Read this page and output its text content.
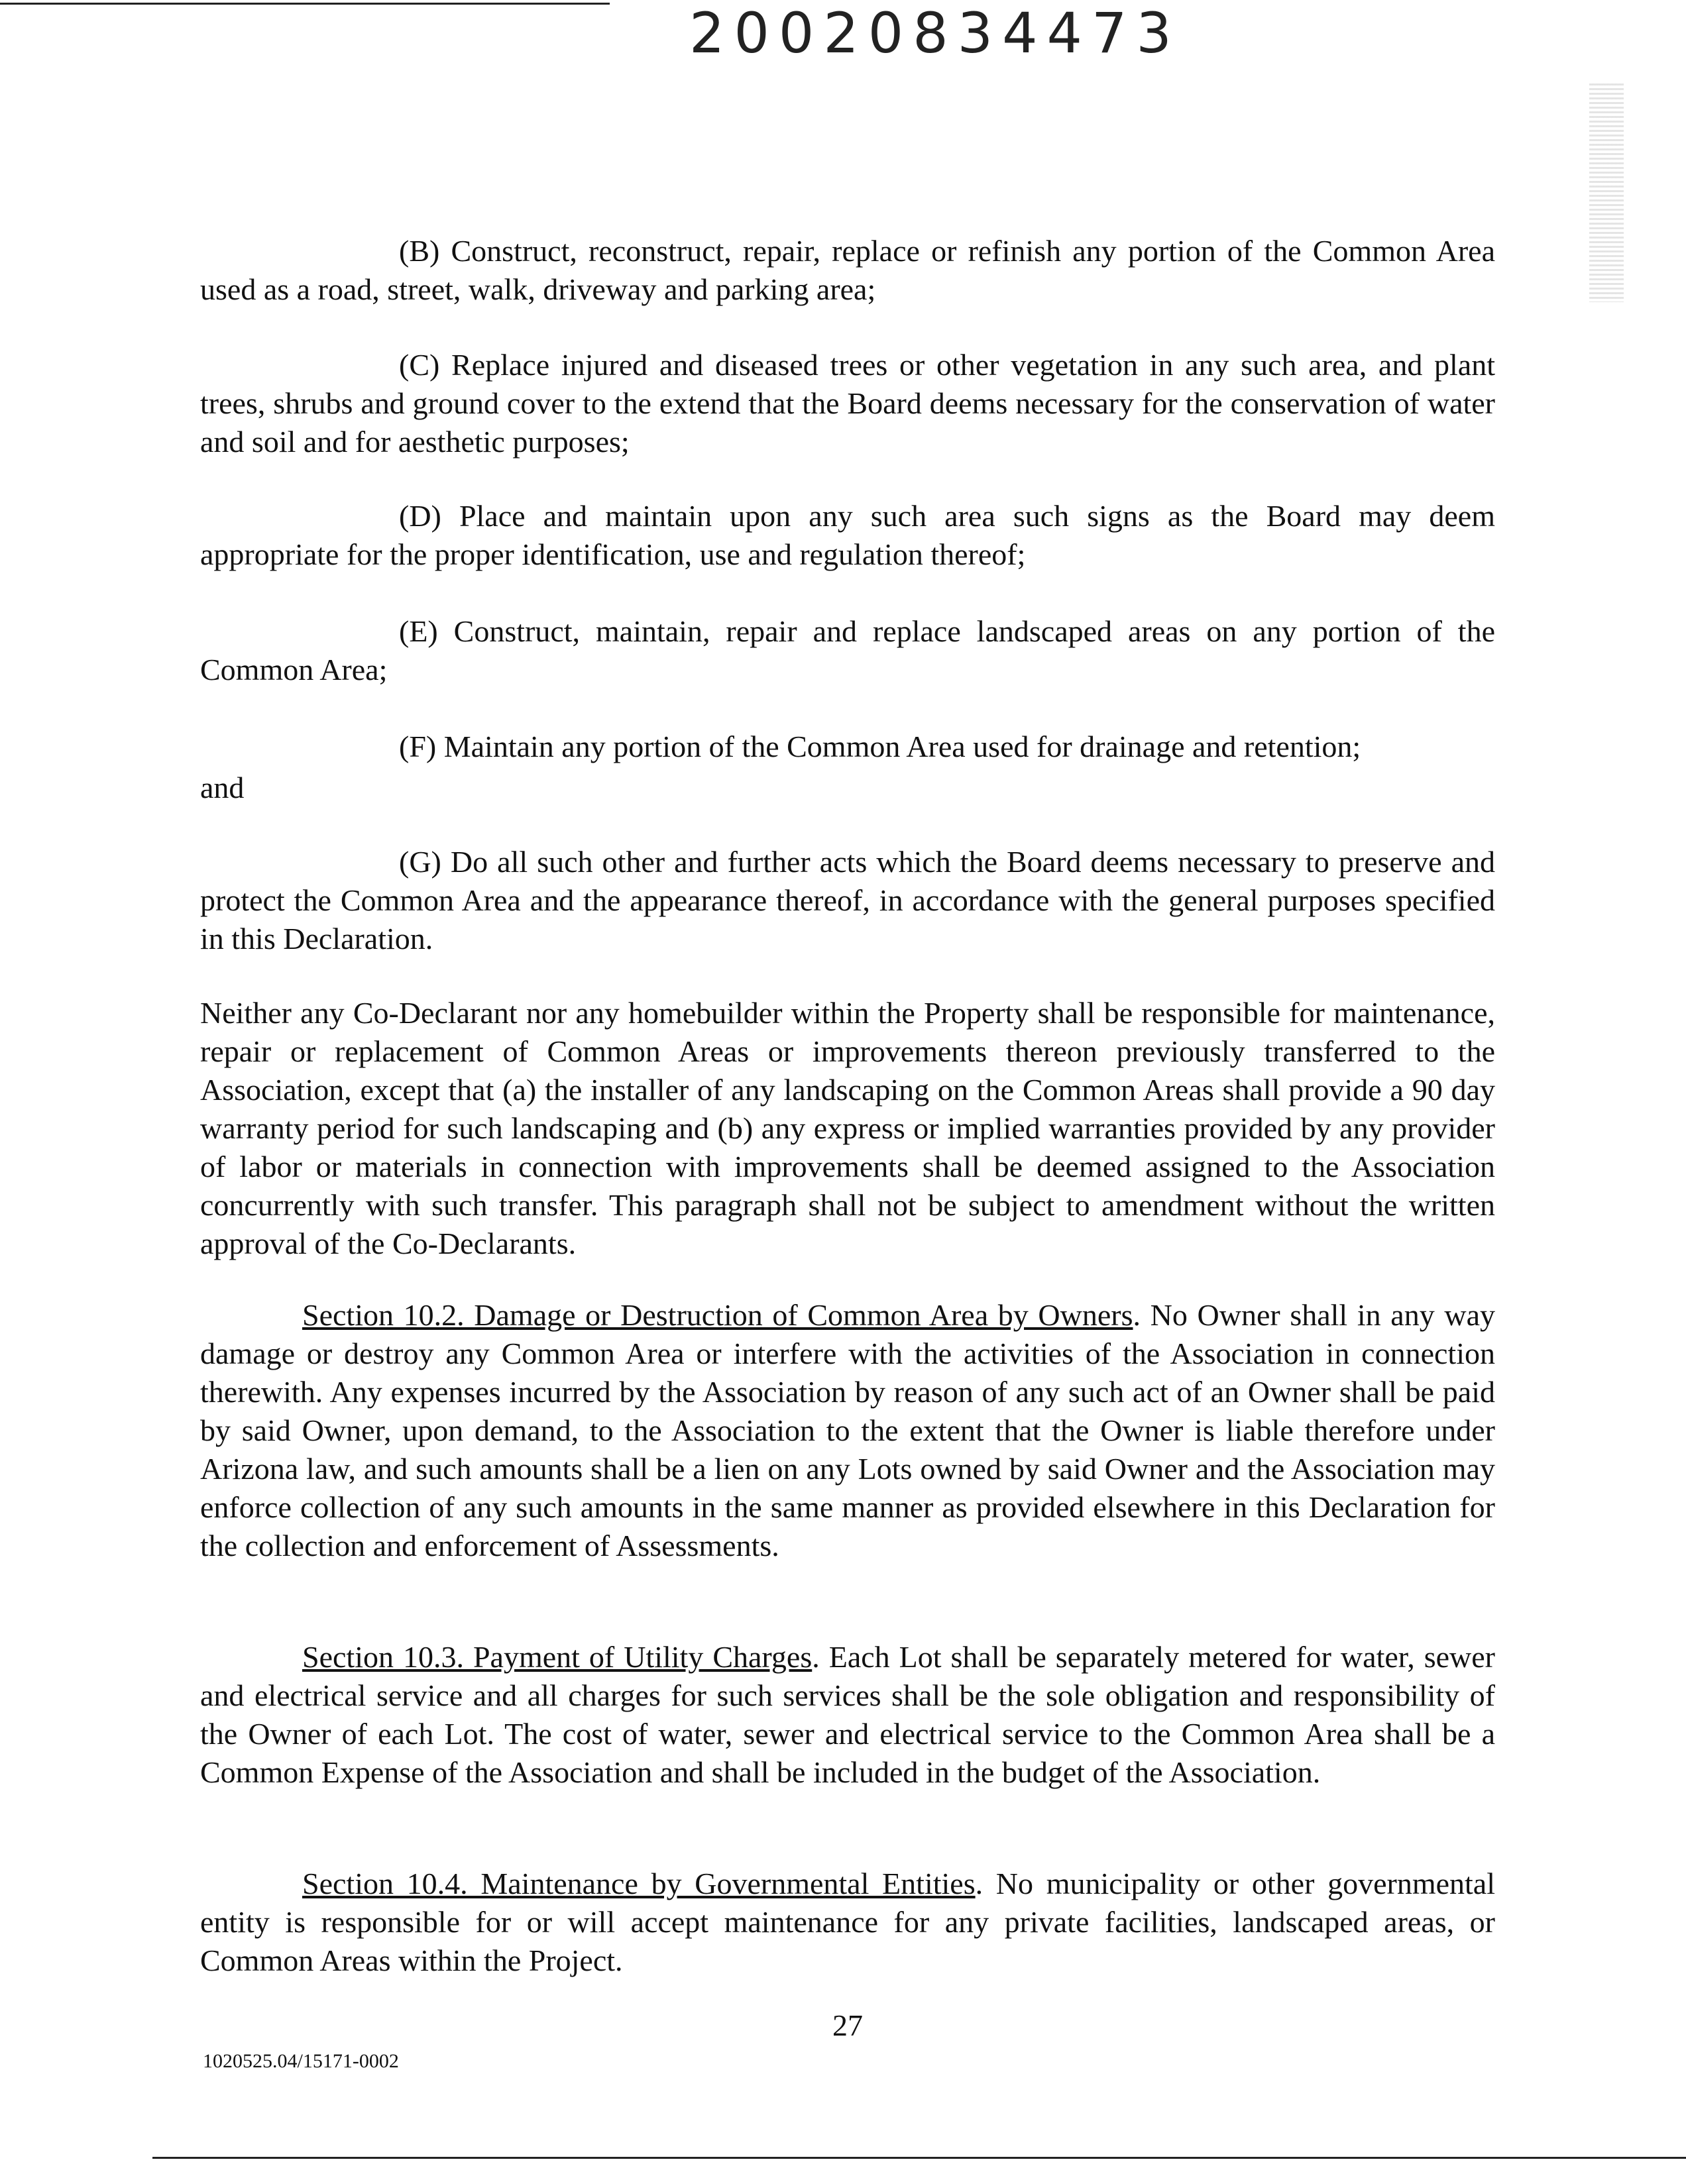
20020834473

(B) Construct, reconstruct, repair, replace or refinish any portion of the Common Area used as a road, street, walk, driveway and parking area;

(C) Replace injured and diseased trees or other vegetation in any such area, and plant trees, shrubs and ground cover to the extend that the Board deems necessary for the conservation of water and soil and for aesthetic purposes;

(D) Place and maintain upon any such area such signs as the Board may deem appropriate for the proper identification, use and regulation thereof;

(E) Construct, maintain, repair and replace landscaped areas on any portion of the Common Area;

(F) Maintain any portion of the Common Area used for drainage and retention;

and

(G) Do all such other and further acts which the Board deems necessary to preserve and protect the Common Area and the appearance thereof, in accordance with the general purposes specified in this Declaration.

Neither any Co-Declarant nor any homebuilder within the Property shall be responsible for maintenance, repair or replacement of Common Areas or improvements thereon previously transferred to the Association, except that (a) the installer of any landscaping on the Common Areas shall provide a 90 day warranty period for such landscaping and (b) any express or implied warranties provided by any provider of labor or materials in connection with improvements shall be deemed assigned to the Association concurrently with such transfer. This paragraph shall not be subject to amendment without the written approval of the Co-Declarants.

Section 10.2. Damage or Destruction of Common Area by Owners. No Owner shall in any way damage or destroy any Common Area or interfere with the activities of the Association in connection therewith. Any expenses incurred by the Association by reason of any such act of an Owner shall be paid by said Owner, upon demand, to the Association to the extent that the Owner is liable therefore under Arizona law, and such amounts shall be a lien on any Lots owned by said Owner and the Association may enforce collection of any such amounts in the same manner as provided elsewhere in this Declaration for the collection and enforcement of Assessments.

Section 10.3. Payment of Utility Charges. Each Lot shall be separately metered for water, sewer and electrical service and all charges for such services shall be the sole obligation and responsibility of the Owner of each Lot. The cost of water, sewer and electrical service to the Common Area shall be a Common Expense of the Association and shall be included in the budget of the Association.

Section 10.4. Maintenance by Governmental Entities. No municipality or other governmental entity is responsible for or will accept maintenance for any private facilities, landscaped areas, or Common Areas within the Project.

27
1020525.04/15171-0002
